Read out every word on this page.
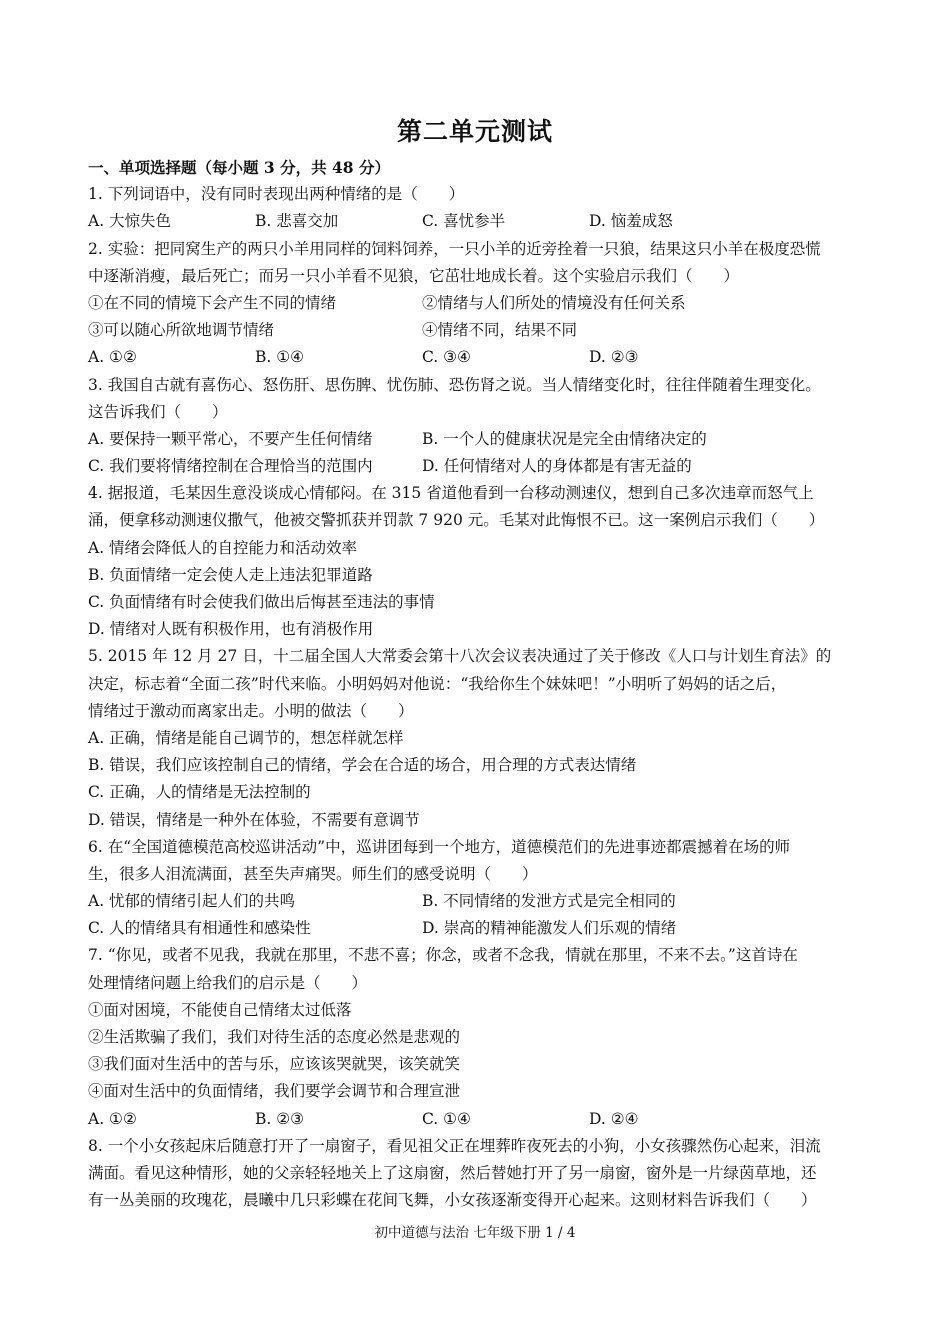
第二单元测试
一、单项选择题（每小题 3 分，共 48 分）
1. 下列词语中，没有同时表现出两种情绪的是（　　）
A. 大惊失色	B. 悲喜交加	C. 喜忧参半	D. 恼羞成怒
2. 实验：把同窝生产的两只小羊用同样的饲料饲养，一只小羊的近旁拴着一只狼，结果这只小羊在极度恐慌
中逐渐消瘦，最后死亡；而另一只小羊看不见狼，它茁壮地成长着。这个实验启示我们（　　）
①在不同的情境下会产生不同的情绪	②情绪与人们所处的情境没有任何关系
③可以随心所欲地调节情绪	④情绪不同，结果不同
A. ①②	B. ①④	C. ③④	D. ②③
3. 我国自古就有喜伤心、怒伤肝、思伤脾、忧伤肺、恐伤肾之说。当人情绪变化时，往往伴随着生理变化。
这告诉我们（　　）
A. 要保持一颗平常心，不要产生任何情绪	B. 一个人的健康状况是完全由情绪决定的
C. 我们要将情绪控制在合理恰当的范围内	D. 任何情绪对人的身体都是有害无益的
4. 据报道，毛某因生意没谈成心情郁闷。在 315 省道他看到一台移动测速仪，想到自己多次违章而怒气上
涌，便拿移动测速仪撒气，他被交警抓获并罚款 7 920 元。毛某对此悔恨不已。这一案例启示我们（　　）
A. 情绪会降低人的自控能力和活动效率
B. 负面情绪一定会使人走上违法犯罪道路
C. 负面情绪有时会使我们做出后悔甚至违法的事情
D. 情绪对人既有积极作用，也有消极作用
5. 2015 年 12 月 27 日，十二届全国人大常委会第十八次会议表决通过了关于修改《人口与计划生育法》的
决定，标志着“全面二孩”时代来临。小明妈妈对他说：“我给你生个妹妹吧！”小明听了妈妈的话之后，
情绪过于激动而离家出走。小明的做法（　　）
A. 正确，情绪是能自己调节的，想怎样就怎样
B. 错误，我们应该控制自己的情绪，学会在合适的场合，用合理的方式表达情绪
C. 正确，人的情绪是无法控制的
D. 错误，情绪是一种外在体验，不需要有意调节
6. 在“全国道德模范高校巡讲活动”中，巡讲团每到一个地方，道德模范们的先进事迹都震撼着在场的师
生，很多人泪流满面，甚至失声痛哭。师生们的感受说明（　　）
A. 忧郁的情绪引起人们的共鸣	B. 不同情绪的发泄方式是完全相同的
C. 人的情绪具有相通性和感染性	D. 崇高的精神能激发人们乐观的情绪
7. “你见，或者不见我，我就在那里，不悲不喜；你念，或者不念我，情就在那里，不来不去。”这首诗在
处理情绪问题上给我们的启示是（　　）
①面对困境，不能使自己情绪太过低落
②生活欺骗了我们，我们对待生活的态度必然是悲观的
③我们面对生活中的苦与乐，应该该哭就哭，该笑就笑
④面对生活中的负面情绪，我们要学会调节和合理宣泄
A. ①②	B. ②③	C. ①④	D. ②④
8. 一个小女孩起床后随意打开了一扇窗子，看见祖父正在埋葬昨夜死去的小狗，小女孩骤然伤心起来，泪流
满面。看见这种情形，她的父亲轻轻地关上了这扇窗，然后替她打开了另一扇窗，窗外是一片绿茵草地，还
有一丛美丽的玫瑰花，晨曦中几只彩蝶在花间飞舞，小女孩逐渐变得开心起来。这则材料告诉我们（　　）
初中道德与法治 七年级下册 1 / 4
